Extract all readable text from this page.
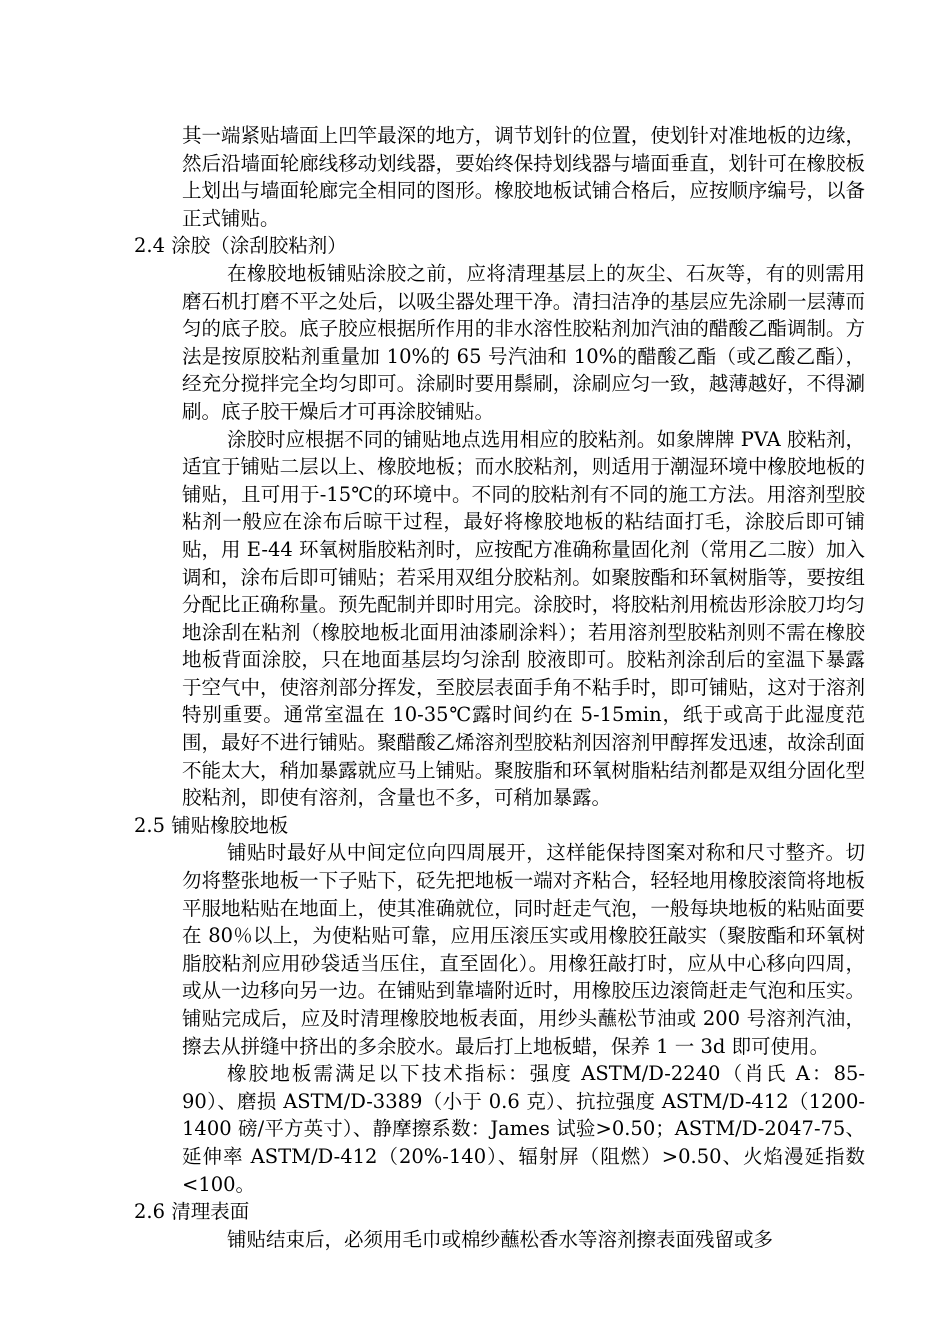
其一端紧贴墙面上凹竿最深的地方，调节划针的位置，使划针对准地板的边缘，然后沿墙面轮廊线移动划线器，要始终保持划线器与墙面垂直，划针可在橡胶板上划出与墙面轮廊完全相同的图形。橡胶地板试铺合格后，应按顺序编号，以备正式铺贴。

2.4 涂胶（涂刮胶粘剂）

在橡胶地板铺贴涂胶之前，应将清理基层上的灰尘、石灰等，有的则需用磨石机打磨不平之处后，以吸尘器处理干净。清扫洁净的基层应先涂刷一层薄而匀的底子胶。底子胶应根据所作用的非水溶性胶粘剂加汽油的醋酸乙酯调制。方法是按原胶粘剂重量加 10%的 65 号汽油和 10%的醋酸乙酯（或乙酸乙酯），经充分搅拌完全均匀即可。涂刷时要用鬃刷，涂刷应匀一致，越薄越好，不得涮刷。底子胶干燥后才可再涂胶铺贴。

涂胶时应根据不同的铺贴地点选用相应的胶粘剂。如象牌牌 PVA 胶粘剂，适宜于铺贴二层以上、橡胶地板；而水胶粘剂，则适用于潮湿环境中橡胶地板的铺贴，且可用于-15℃的环境中。不同的胶粘剂有不同的施工方法。用溶剂型胶粘剂一般应在涂布后晾干过程，最好将橡胶地板的粘结面打毛，涂胶后即可铺贴，用 E-44 环氧树脂胶粘剂时，应按配方准确称量固化剂（常用乙二胺）加入调和，涂布后即可铺贴；若采用双组分胶粘剂。如聚胺酯和环氧树脂等，要按组分配比正确称量。预先配制并即时用完。涂胶时，将胶粘剂用梳齿形涂胶刀均匀地涂刮在粘剂（橡胶地板北面用油漆刷涂料）；若用溶剂型胶粘剂则不需在橡胶地板背面涂胶，只在地面基层均匀涂刮 胶液即可。胶粘剂涂刮后的室温下暴露于空气中，使溶剂部分挥发，至胶层表面手角不粘手时，即可铺贴，这对于溶剂特别重要。通常室温在 10-35℃露时间约在 5-15min，纸于或高于此湿度范围，最好不进行铺贴。聚醋酸乙烯溶剂型胶粘剂因溶剂甲醇挥发迅速，故涂刮面不能太大，稍加暴露就应马上铺贴。聚胺脂和环氧树脂粘结剂都是双组分固化型胶粘剂，即使有溶剂，含量也不多，可稍加暴露。

2.5 铺贴橡胶地板

铺贴时最好从中间定位向四周展开，这样能保持图案对称和尺寸整齐。切勿将整张地板一下子贴下，砭先把地板一端对齐粘合，轻轻地用橡胶滚筒将地板平服地粘贴在地面上，使其准确就位，同时赶走气泡，一般每块地板的粘贴面要在 80％以上，为使粘贴可靠，应用压滚压实或用橡胶狂敲实（聚胺酯和环氧树脂胶粘剂应用砂袋适当压住，直至固化）。用橡狂敲打时，应从中心移向四周，或从一边移向另一边。在铺贴到靠墙附近时，用橡胶压边滚筒赶走气泡和压实。铺贴完成后，应及时清理橡胶地板表面，用纱头蘸松节油或 200 号溶剂汽油，擦去从拼缝中挤出的多余胶水。最后打上地板蜡，保养 1 一 3d 即可使用。

橡胶地板需满足以下技术指标：强度 ASTM/D-2240（肖氏 A：85-90）、磨损 ASTM/D-3389（小于 0.6 克）、抗拉强度 ASTM/D-412（1200-1400 磅/平方英寸）、静摩擦系数：James 试验>0.50；ASTM/D-2047-75、延伸率 ASTM/D-412（20%-140）、辐射屏（阻燃）>0.50、火焰漫延指数<100。

2.6 清理表面

铺贴结束后，必须用毛巾或棉纱蘸松香水等溶剂擦表面残留或多
